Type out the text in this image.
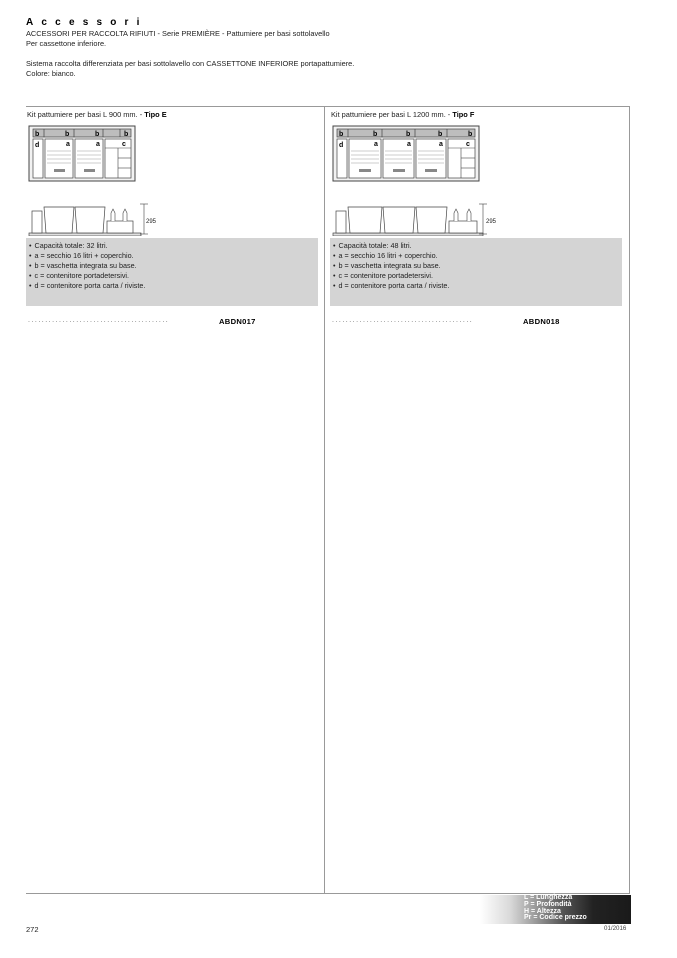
Accessori

ACCESSORI PER RACCOLTA RIFIUTI - Serie PREMIÈRE - Pattumiere per basi sottolavello

Per cassettone inferiore.

Sistema raccolta differenziata per basi sottolavello con CASSETTONE INFERIORE portapattumiere.

Colore: bianco.

Kit pattumiere per basi L 900 mm. - Tipo E
b	b	b	b
d	a	a	c
295
• Capacità totale: 32 litri.
• a = secchio 16 litri + coperchio.
• b = vaschetta integrata su base.
• c = contenitore portadetersivi.
• d = contenitore porta carta / riviste.
.........................................	ABDN017
Kit pattumiere per basi L 1200 mm. - Tipo F
b	b	b	b	b
d	a	a	a	c
295
• Capacità totale: 48 litri.
• a = secchio 16 litri + coperchio.
• b = vaschetta integrata su base.
• c = contenitore portadetersivi.
• d = contenitore porta carta / riviste.
.........................................	ABDN018
L = Lunghezza
P = Profondità
H = Altezza
Pr = Codice prezzo
272	01/2016
